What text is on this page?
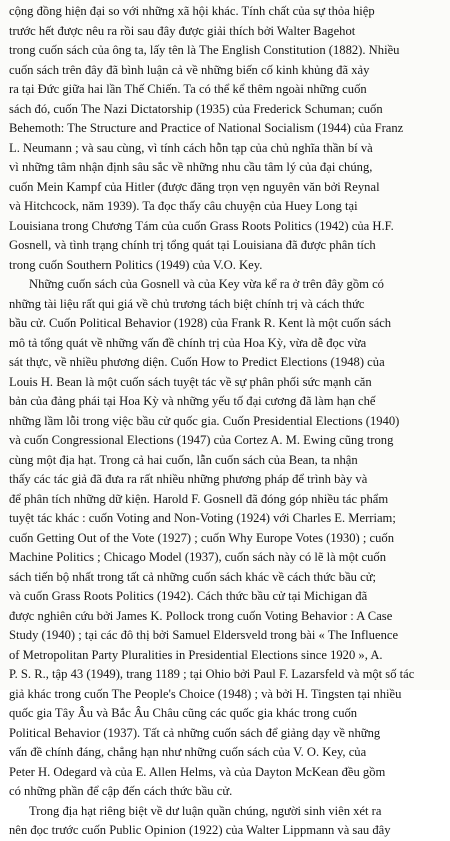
cộng đồng hiện đại so với những xã hội khác. Tính chất của sự thỏa hiệp
trước hết được nêu ra rồi sau đây được giải thích bởi Walter Bagehot
trong cuốn sách của ông ta, lấy tên là The English Constitution (1882). Nhiều
cuốn sách trên đây đã bình luận cả về những biến cố kinh khủng đã xảy
ra tại Đức giữa hai lần Thế Chiến. Ta có thể kể thêm ngoài những cuốn
sách đó, cuốn The Nazi Dictatorship (1935) của Frederick Schuman; cuốn
Behemoth: The Structure and Practice of National Socialism (1944) của Franz
L. Neumann ; và sau cùng, vì tính cách hỗn tạp của chủ nghĩa thần bí và
vì những tâm nhận định sâu sắc về những nhu cầu tâm lý của đại chúng,
cuốn Mein Kampf của Hitler (được đăng trọn vẹn nguyên văn bởi Reynal
và Hitchcock, năm 1939). Ta đọc thấy câu chuyện của Huey Long tại
Louisiana trong Chương Tám của cuốn Grass Roots Politics (1942) của H.F.
Gosnell, và tình trạng chính trị tổng quát tại Louisiana đã được phân tích
trong cuốn Southern Politics (1949) của V.O. Key.
Những cuốn sách của Gosnell và của Key vừa kể ra ở trên đây gồm có
những tài liệu rất qui giá về chủ trương tách biệt chính trị và cách thức
bầu cử. Cuốn Political Behavior (1928) của Frank R. Kent là một cuốn sách
mô tả tổng quát về những vấn đề chính trị của Hoa Kỳ, vừa dễ đọc vừa
sát thực, về nhiều phương diện. Cuốn How to Predict Elections (1948) của
Louis H. Bean là một cuốn sách tuyệt tác về sự phân phối sức mạnh căn
bản của đảng phái tại Hoa Kỳ và những yếu tố đại cương đã làm hạn chế
những lầm lỗi trong việc bầu cử quốc gia. Cuốn Presidential Elections (1940)
và cuốn Congressional Elections (1947) của Cortez A. M. Ewing cũng trong
cùng một địa hạt. Trong cả hai cuốn, lẫn cuốn sách của Bean, ta nhận
thấy các tác giả đã đưa ra rất nhiều những phương pháp để trình bày và
để phân tích những dữ kiện. Harold F. Gosnell đã đóng góp nhiều tác phẩm
tuyệt tác khác : cuốn Voting and Non-Voting (1924) với Charles E. Merriam;
cuốn Getting Out of the Vote (1927) ; cuốn Why Europe Votes (1930) ; cuốn
Machine Politics ; Chicago Model (1937), cuốn sách này có lẽ là một cuốn
sách tiến bộ nhất trong tất cả những cuốn sách khác về cách thức bầu cử;
và cuốn Grass Roots Politics (1942). Cách thức bầu cử tại Michigan đã
được nghiên cứu bởi James K. Pollock trong cuốn Voting Behavior : A Case
Study (1940) ; tại các đô thị bởi Samuel Eldersveld trong bài « The Influence
of Metropolitan Party Pluralities in Presidential Elections since 1920 », A.
P. S. R., tập 43 (1949), trang 1189 ; tại Ohio bởi Paul F. Lazarsfeld và một số tác
giả khác trong cuốn The People's Choice (1948) ; và bởi H. Tingsten tại nhiều
quốc gia Tây Âu và Bắc Âu Châu cũng các quốc gia khác trong cuốn
Political Behavior (1937). Tất cả những cuốn sách để giảng dạy về những
vấn đề chính đáng, chẳng hạn như những cuốn sách của V. O. Key, của
Peter H. Odegard và của E. Allen Helms, và của Dayton McKean đều gồm
có những phần để cập đến cách thức bầu cử.
Trong địa hạt riêng biệt về dư luận quần chúng, người sinh viên xét ra
nên đọc trước cuốn Public Opinion (1922) của Walter Lippmann và sau đây
